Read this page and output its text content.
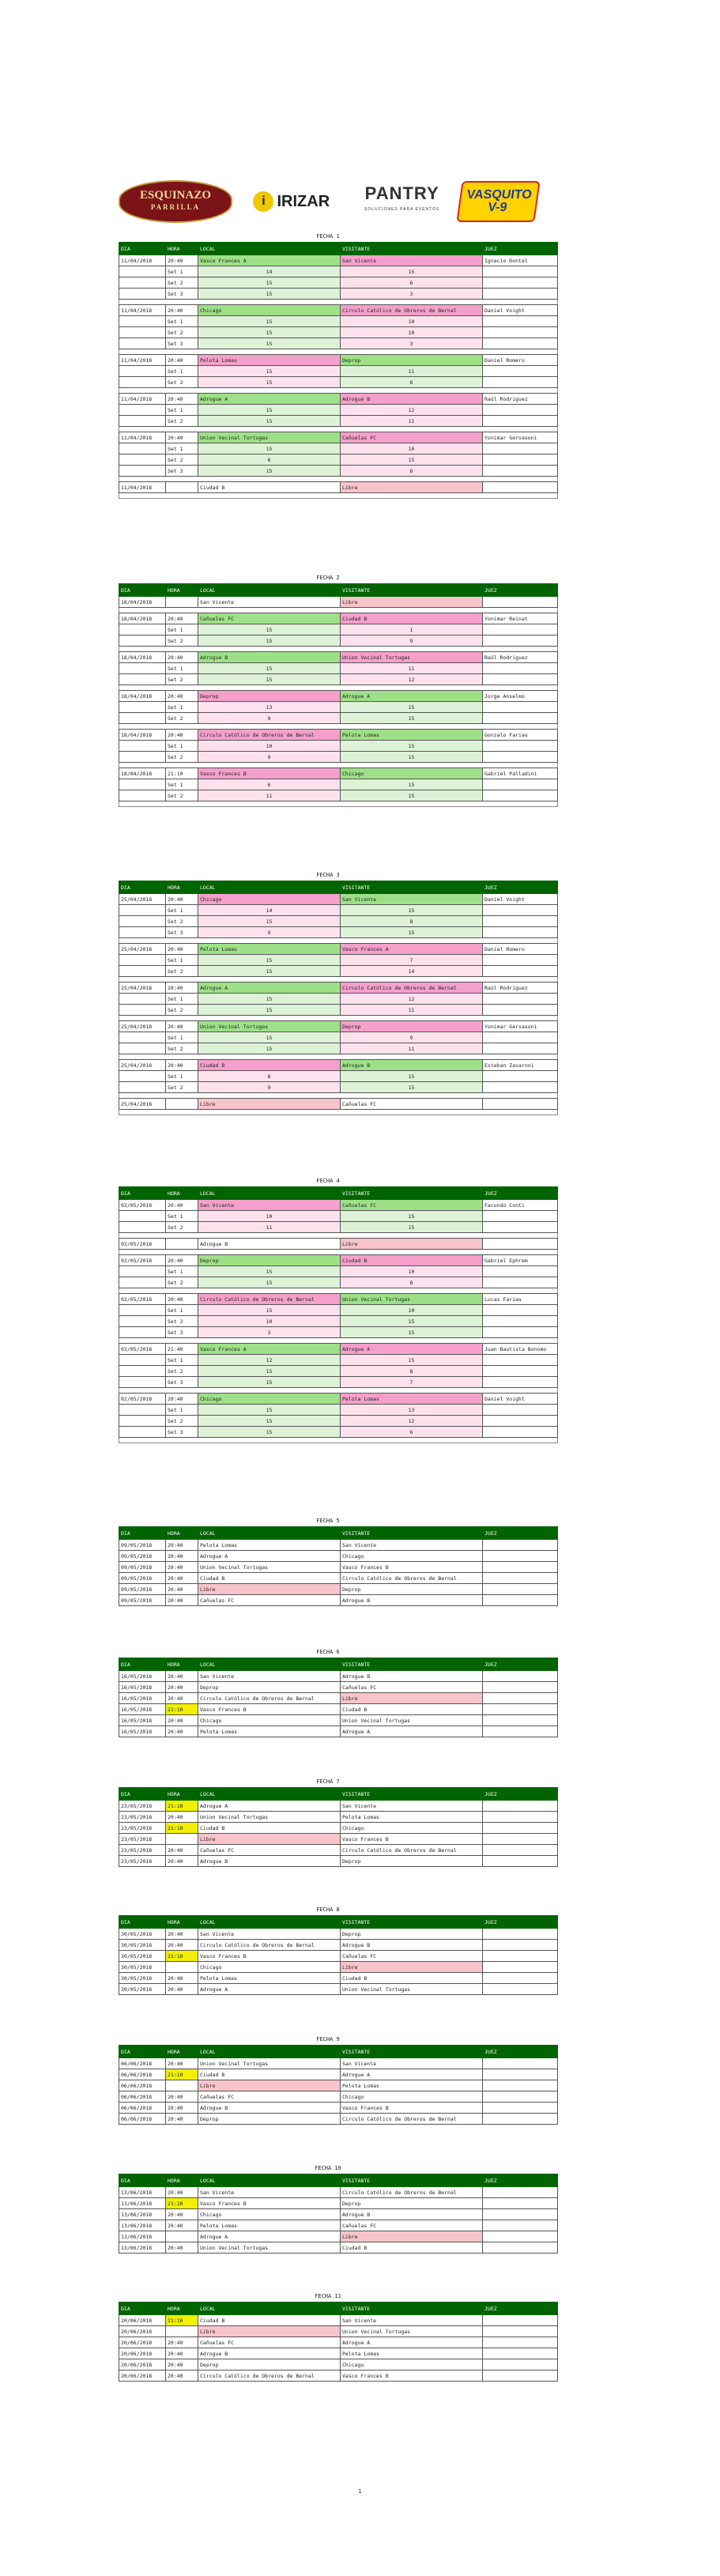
ESQUINAZO
PARRILLA	i IRIZAR PANTRY
SOLUCIONES PARA EVENTOS
VASQUITO
V-9
FECHA 1
DIA	HORA	LOCAL	VISITANTE	JUEZ
11/04/2018	20:40	Vasco Frances A	San Vicente	Ignacio Dontel
	Set 1	14	15	
	Set 2	15	6	
	Set 3	15	3	

11/04/2018	20:40	Chicago	Circulo Católico de Obreros de Bernal	Daniel Voight
	Set 1	15	10	
	Set 2	15	10	
	Set 3	15	3	

11/04/2018	20:40	Pelota Lomas	Deprop	Daniel Romero
	Set 1	15	11	
	Set 2	15	6	

11/04/2018	20:40	Adrogue A	Adrogue B	Raúl Rodriguez
	Set 1	15	12	
	Set 2	15	11	

11/04/2018	20:40	Union Vecinal Tortugas	Cañuelas FC	Yonimar Gervasoni
	Set 1	15	10	
	Set 2	6	15	
	Set 3	15	6	

11/04/2018		Ciudad B	Libre	

FECHA 2
DIA	HORA	LOCAL	VISITANTE	JUEZ
18/04/2018		San Vicente	Libre	

18/04/2018	20:40	Cañuelas FC	Ciudad B	Yonimar Reinat
	Set 1	15	1	
	Set 2	15	9	

18/04/2018	20:40	Adrogue B	Union Vecinal Tortugas	Raúl Rodriguez
	Set 1	15	11	
	Set 2	15	12	

18/04/2018	20:40	Deprop	Adrogue A	Jorge Anselmo
	Set 1	13	15	
	Set 2	9	15	

18/04/2018	20:40	Circulo Católico de Obreros de Bernal	Pelota Lomas	Gonzalo Farias
	Set 1	10	15	
	Set 2	9	15	

18/04/2018	21:10	Vasco Frances B	Chicago	Gabriel Palladini
	Set 1	6	15	
	Set 2	11	15	

FECHA 3
DIA	HORA	LOCAL	VISITANTE	JUEZ
25/04/2018	20:40	Chicago	San Vicente	Daniel Voight
	Set 1	14	15	
	Set 2	15	8	
	Set 3	9	15	

25/04/2018	20:40	Pelota Lomas	Vasco Frances A	Daniel Romero
	Set 1	15	7	
	Set 2	15	14	

25/04/2018	20:40	Adrogue A	Circulo Católico de Obreros de Bernal	Raúl Rodriguez
	Set 1	15	12	
	Set 2	15	11	

25/04/2018	20:40	Union Vecinal Tortugas	Deprop	Yonimar Gervasoni
	Set 1	15	9	
	Set 2	15	11	

25/04/2018	20:40	Ciudad B	Adrogue B	Esteban Zavaroni
	Set 1	8	15	
	Set 2	9	15	

25/04/2018		Libre	Cañuelas FC	

FECHA 4
DIA	HORA	LOCAL	VISITANTE	JUEZ
02/05/2018	20:40	San Vicente	Cañuelas FC	Facundo Conti
	Set 1	10	15	
	Set 2	11	15	

02/05/2018		Adrogue B	Libre	

02/05/2018	20:40	Deprop	Ciudad B	Gabriel Ephrem
	Set 1	15	10	
	Set 2	15	8	

02/05/2018	20:40	Circulo Católico de Obreros de Bernal	Union Vecinal Tortugas	Lucas Farias
	Set 1	15	10	
	Set 2	10	15	
	Set 3	3	15	

02/05/2018	21:40	Vasco Frances A	Adrogue A	Juan Bautista Bonomo
	Set 1	12	15	
	Set 2	15	8	
	Set 3	15	7	

02/05/2018	20:40	Chicago	Pelota Lomas	Daniel Voight
	Set 1	15	13	
	Set 2	15	12	
	Set 3	15	6	

FECHA 5
DIA	HORA	LOCAL	VISITANTE	JUEZ
09/05/2018	20:40	Pelota Lomas	San Vicente	
09/05/2018	20:40	Adrogue A	Chicago	
09/05/2018	20:40	Union Vecinal Tortugas	Vasco Frances B	
09/05/2018	20:40	Ciudad B	Circulo Católico de Obreros de Bernal	
09/05/2018	20:40	Libre	Deprop	
09/05/2018	20:40	Cañuelas FC	Adrogue B	
FECHA 6
DIA	HORA	LOCAL	VISITANTE	JUEZ
16/05/2018	20:40	San Vicente	Adrogue B	
16/05/2018	20:40	Deprop	Cañuelas FC	
16/05/2018	20:40	Circulo Católico de Obreros de Bernal	Libre	
16/05/2018	21:10	Vasco Frances B	Ciudad B	
16/05/2018	20:40	Chicago	Union Vecinal Tortugas	
16/05/2018	20:40	Pelota Lomas	Adrogue A	
FECHA 7
DIA	HORA	LOCAL	VISITANTE	JUEZ
23/05/2018	21:10	Adrogue A	San Vicente	
23/05/2018	20:40	Union Vecinal Tortugas	Pelota Lomas	
23/05/2018	21:10	Ciudad B	Chicago	
23/05/2018		Libre	Vasco Frances B	
23/05/2018	20:40	Cañuelas FC	Circulo Católico de Obreros de Bernal	
23/05/2018	20:40	Adrogue B	Deprop	
FECHA 8
DIA	HORA	LOCAL	VISITANTE	JUEZ
30/05/2018	20:40	San Vicente	Deprop	
30/05/2018	20:40	Circulo Católico de Obreros de Bernal	Adrogue B	
30/05/2018	21:10	Vasco Frances B	Cañuelas FC	
30/05/2018		Chicago	Libre	
30/05/2018	20:40	Pelota Lomas	Ciudad B	
30/05/2018	20:40	Adrogue A	Union Vecinal Tortugas	
FECHA 9
DIA	HORA	LOCAL	VISITANTE	JUEZ
06/06/2018	20:40	Union Vecinal Tortugas	San Vicente	
06/06/2018	21:10	Ciudad B	Adrogue A	
06/06/2018		Libre	Pelota Lomas	
06/06/2018	20:40	Cañuelas FC	Chicago	
06/06/2018	20:40	Adrogue B	Vasco Frances B	
06/06/2018	20:40	Deprop	Circulo Católico de Obreros de Bernal	
FECHA 10
DIA	HORA	LOCAL	VISITANTE	JUEZ
13/06/2018	20:40	San Vicente	Circulo Católico de Obreros de Bernal	
13/06/2018	21:10	Vasco Frances B	Deprop	
13/06/2018	20:40	Chicago	Adrogue B	
13/06/2018	20:40	Pelota Lomas	Cañuelas FC	
13/06/2018		Adrogue A	Libre	
13/06/2018	20:40	Union Vecinal Tortugas	Ciudad B	
FECHA 11
DIA	HORA	LOCAL	VISITANTE	JUEZ
20/06/2018	21:10	Ciudad B	San Vicente	
20/06/2018		Libre	Union Vecinal Tortugas	
20/06/2018	20:40	Cañuelas FC	Adrogue A	
20/06/2018	20:40	Adrogue B	Pelota Lomas	
20/06/2018	20:40	Deprop	Chicago	
20/06/2018	20:40	Circulo Católico de Obreros de Bernal	Vasco Frances B	
1
